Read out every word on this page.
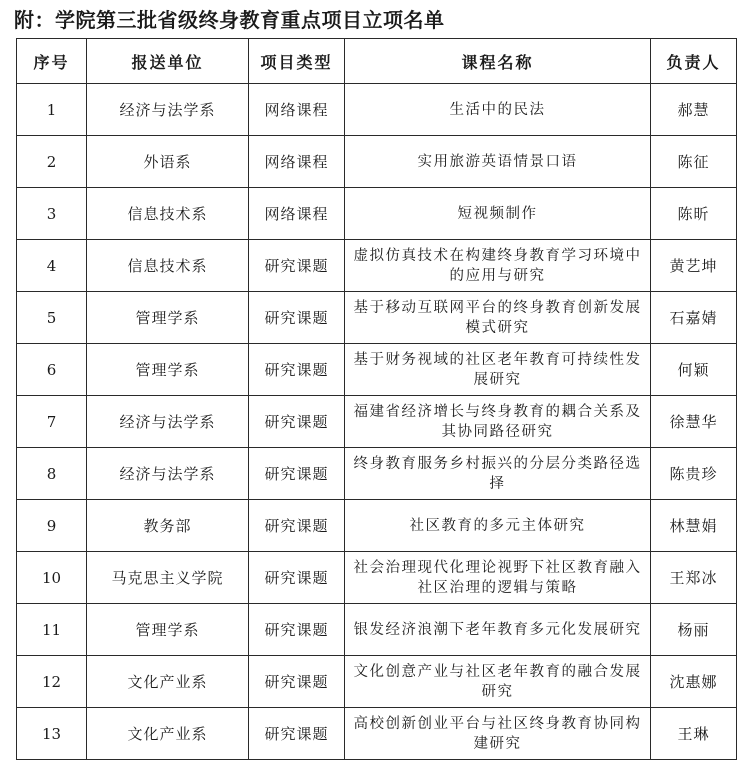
附：学院第三批省级终身教育重点项目立项名单
序号	报送单位	项目类型	课程名称	负责人
1	经济与法学系	网络课程	生活中的民法	郝慧
2	外语系	网络课程	实用旅游英语情景口语	陈征
3	信息技术系	网络课程	短视频制作	陈昕
4	信息技术系	研究课题	虚拟仿真技术在构建终身教育学习环境中的应用与研究	黄艺坤
5	管理学系	研究课题	基于移动互联网平台的终身教育创新发展模式研究	石嘉婧
6	管理学系	研究课题	基于财务视域的社区老年教育可持续性发展研究	何颖
7	经济与法学系	研究课题	福建省经济增长与终身教育的耦合关系及其协同路径研究	徐慧华
8	经济与法学系	研究课题	终身教育服务乡村振兴的分层分类路径选择	陈贵珍
9	教务部	研究课题	社区教育的多元主体研究	林慧娟
10	马克思主义学院	研究课题	社会治理现代化理论视野下社区教育融入社区治理的逻辑与策略	王郑冰
11	管理学系	研究课题	银发经济浪潮下老年教育多元化发展研究	杨丽
12	文化产业系	研究课题	文化创意产业与社区老年教育的融合发展研究	沈惠娜
13	文化产业系	研究课题	高校创新创业平台与社区终身教育协同构建研究	王琳
